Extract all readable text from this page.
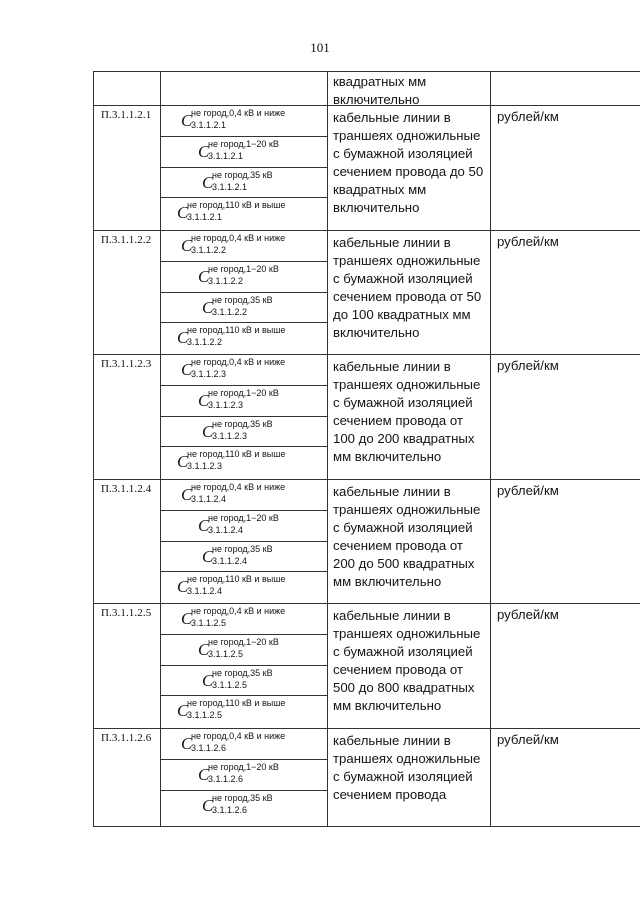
101
квадратных мм
включительно
П.3.1.1.2.1 C
не город,0,4 кВ и ниже
3.1.1.2.1
C
не город,1−20 кВ
3.1.1.2.1
C
не город,35 кВ
3.1.1.2.1
C
не город,110 кВ и выше
3.1.1.2.1
кабельные линии в
траншеях одножильные
с бумажной изоляцией
сечением провода до 50
квадратных мм
включительно
рублей/км
П.3.1.1.2.2 C
не город,0,4 кВ и ниже
3.1.1.2.2
C
не город,1−20 кВ
3.1.1.2.2
C
не город,35 кВ
3.1.1.2.2
C
не город,110 кВ и выше
3.1.1.2.2
кабельные линии в
траншеях одножильные
с бумажной изоляцией
сечением провода от 50
до 100 квадратных мм
включительно
рублей/км
П.3.1.1.2.3 C
не город,0,4 кВ и ниже
3.1.1.2.3
C
не город,1−20 кВ
3.1.1.2.3
C
не город,35 кВ
3.1.1.2.3
C
не город,110 кВ и выше
3.1.1.2.3
кабельные линии в
траншеях одножильные
с бумажной изоляцией
сечением провода от
100 до 200 квадратных
мм включительно
рублей/км
П.3.1.1.2.4 C
не город,0,4 кВ и ниже
3.1.1.2.4
C
не город,1−20 кВ
3.1.1.2.4
C
не город,35 кВ
3.1.1.2.4
C
не город,110 кВ и выше
3.1.1.2.4
кабельные линии в
траншеях одножильные
с бумажной изоляцией
сечением провода от
200 до 500 квадратных
мм включительно
рублей/км
П.3.1.1.2.5 C
не город,0,4 кВ и ниже
3.1.1.2.5
C
не город,1−20 кВ
3.1.1.2.5
C
не город,35 кВ
3.1.1.2.5
C
не город,110 кВ и выше
3.1.1.2.5
кабельные линии в
траншеях одножильные
с бумажной изоляцией
сечением провода от
500 до 800 квадратных
мм включительно
рублей/км
П.3.1.1.2.6 C
не город,0,4 кВ и ниже
3.1.1.2.6
C
не город,1−20 кВ
3.1.1.2.6
C
не город,35 кВ
3.1.1.2.6
кабельные линии в
траншеях одножильные
с бумажной изоляцией
сечением провода
рублей/км
